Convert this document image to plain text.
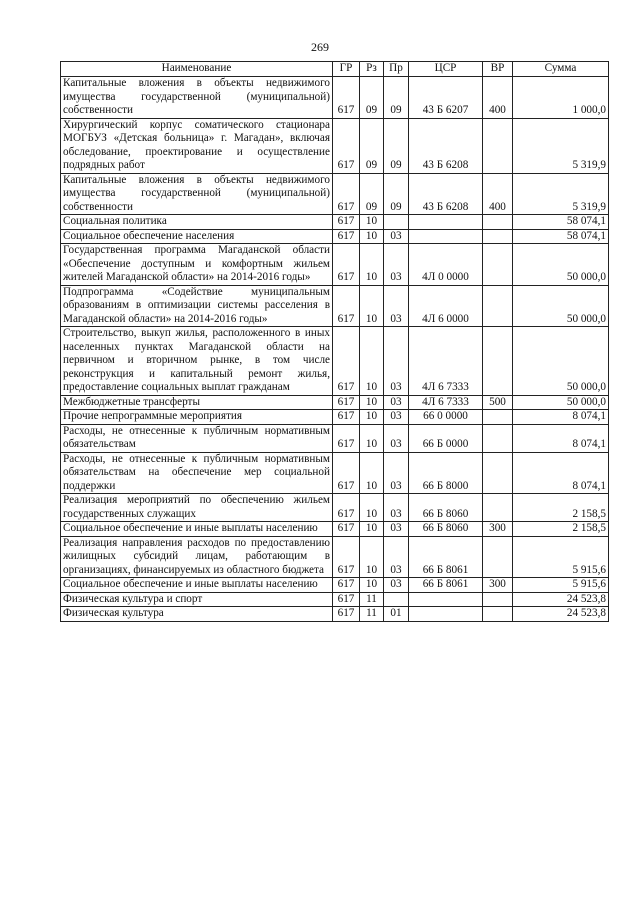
269
Наименование	ГР	Рз	Пр	ЦСР	ВР	Сумма
Капитальные вложения в объекты недвижимого имущества государственной (муниципальной) собственности	617	09	09	43 Б 6207	400	1 000,0
Хирургический корпус соматического стационара МОГБУЗ «Детская больница» г. Магадан», включая обследование, проектирование и осуществление подрядных работ	617	09	09	43 Б 6208		5 319,9
Капитальные вложения в объекты недвижимого имущества государственной (муниципальной) собственности	617	09	09	43 Б 6208	400	5 319,9
Социальная политика	617	10				58 074,1
Социальное обеспечение населения	617	10	03			58 074,1
Государственная программа Магаданской области «Обеспечение доступным и комфортным жильем жителей Магаданской области» на 2014-2016 годы»	617	10	03	4Л 0 0000		50 000,0
Подпрограмма «Содействие муниципальным образованиям в оптимизации системы расселения в Магаданской области» на 2014-2016 годы»	617	10	03	4Л 6 0000		50 000,0
Строительство, выкуп жилья, расположенного в иных населенных пунктах Магаданской области на первичном и вторичном рынке, в том числе реконструкция и капитальный ремонт жилья, предоставление социальных выплат гражданам	617	10	03	4Л 6 7333		50 000,0
Межбюджетные трансферты	617	10	03	4Л 6 7333	500	50 000,0
Прочие непрограммные мероприятия	617	10	03	66 0 0000		8 074,1
Расходы, не отнесенные к публичным нормативным обязательствам	617	10	03	66 Б 0000		8 074,1
Расходы, не отнесенные к публичным нормативным обязательствам на обеспечение мер социальной поддержки	617	10	03	66 Б 8000		8 074,1
Реализация мероприятий по обеспечению жильем государственных служащих	617	10	03	66 Б 8060		2 158,5
Социальное обеспечение и иные выплаты населению	617	10	03	66 Б 8060	300	2 158,5
Реализация направления расходов по предоставлению жилищных субсидий лицам, работающим в организациях, финансируемых из областного бюджета	617	10	03	66 Б 8061		5 915,6
Социальное обеспечение и иные выплаты населению	617	10	03	66 Б 8061	300	5 915,6
Физическая культура и спорт	617	11				24 523,8
Физическая культура	617	11	01			24 523,8
